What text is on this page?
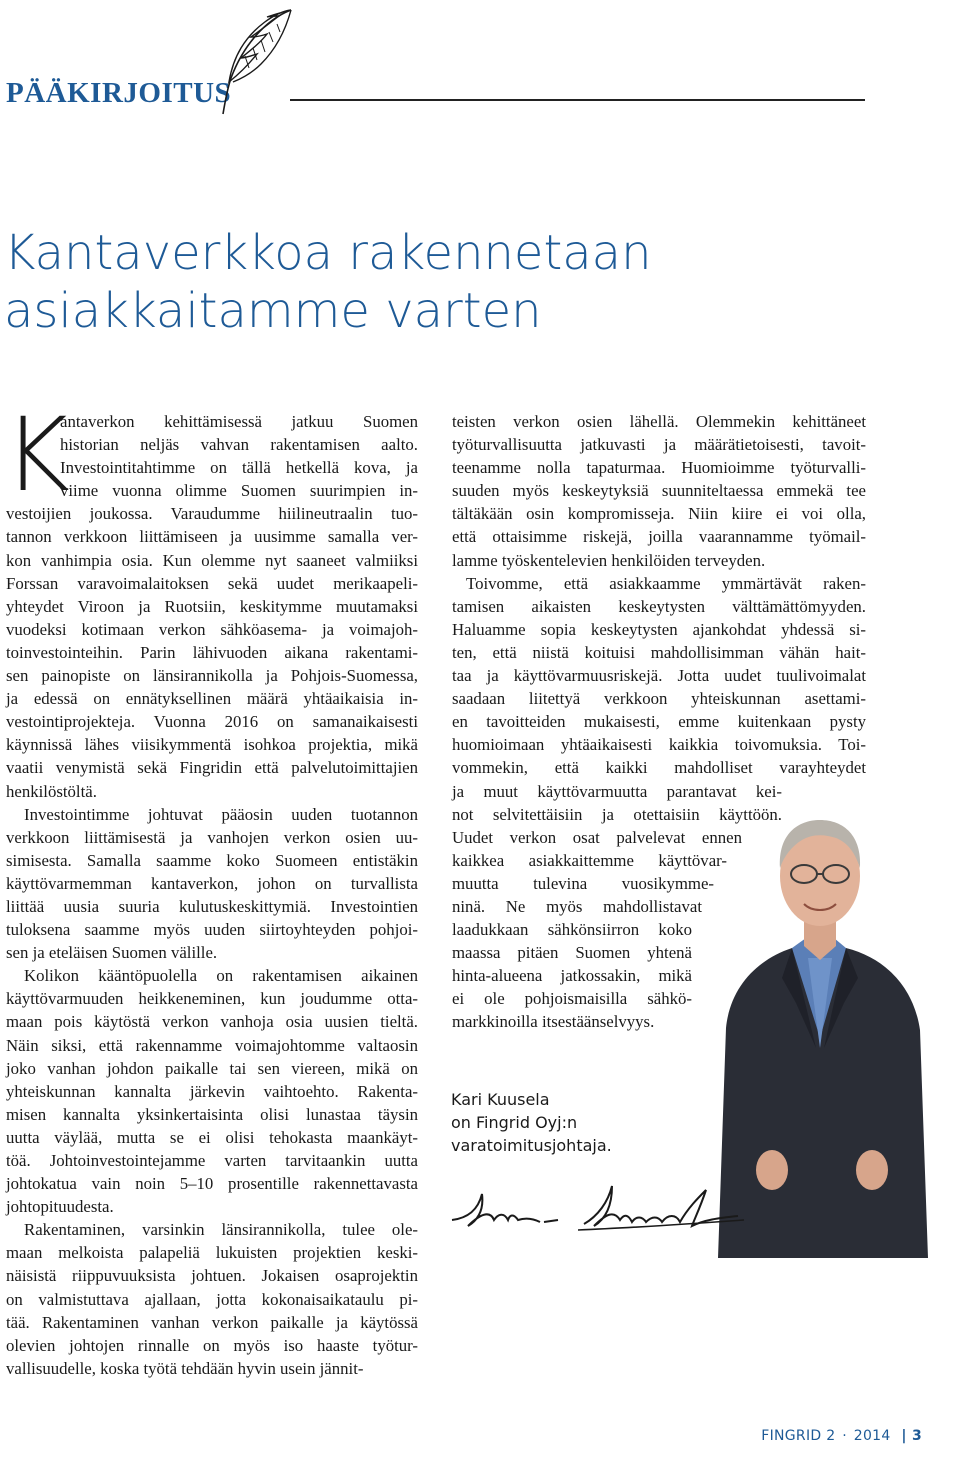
PÄÄKIRJOITUS
Kantaverkkoa rakennetaan
asiakkaitamme varten
K
antaverkon kehittämisessä jatkuu Suomen
historian neljäs vahvan rakentamisen aalto.
Investointitahtimme on tällä hetkellä kova, ja
viime vuonna olimme Suomen suurimpien in-
vestoijien joukossa. Varaudumme hiilineutraalin tuo-
tannon verkkoon liittämiseen ja uusimme samalla ver-
kon vanhimpia osia. Kun olemme nyt saaneet valmiiksi
Forssan varavoimalaitoksen sekä uudet merikaapeli-
yhteydet Viroon ja Ruotsiin, keskitymme muutamaksi
vuodeksi kotimaan verkon sähköasema- ja voimajoh-
toinvestointeihin. Parin lähivuoden aikana rakentami-
sen painopiste on länsirannikolla ja Pohjois-Suomessa,
ja edessä on ennätyksellinen määrä yhtäaikaisia in-
vestointiprojekteja. Vuonna 2016 on samanaikaisesti
käynnissä lähes viisikymmentä isohkoa projektia, mikä
vaatii venymistä sekä Fingridin että palvelutoimittajien
henkilöstöltä.
Investointimme johtuvat pääosin uuden tuotannon
verkkoon liittämisestä ja vanhojen verkon osien uu-
simisesta. Samalla saamme koko Suomeen entistäkin
käyttövarmemman kantaverkon, johon on turvallista
liittää uusia suuria kulutuskeskittymiä. Investointien
tuloksena saamme myös uuden siirtoyhteyden pohjoi-
sen ja eteläisen Suomen välille.
Kolikon kääntöpuolella on rakentamisen aikainen
käyttövarmuuden heikkeneminen, kun joudumme otta-
maan pois käytöstä verkon vanhoja osia uusien tieltä.
Näin siksi, että rakennamme voimajohtomme valtaosin
joko vanhan johdon paikalle tai sen viereen, mikä on
yhteiskunnan kannalta järkevin vaihtoehto. Rakenta-
misen kannalta yksinkertaisinta olisi lunastaa täysin
uutta väylää, mutta se ei olisi tehokasta maankäyt-
töä. Johtoinvestointejamme varten tarvitaankin uutta
johtokatua vain noin 5–10 prosentille rakennettavasta
johtopituudesta.
Rakentaminen, varsinkin länsirannikolla, tulee ole-
maan melkoista palapeliä lukuisten projektien keski-
näisistä riippuvuuksista johtuen. Jokaisen osaprojektin
on valmistuttava ajallaan, jotta kokonaisaikataulu pi-
tää. Rakentaminen vanhan verkon paikalle ja käytössä
olevien johtojen rinnalle on myös iso haaste työtur-
vallisuudelle, koska työtä tehdään hyvin usein jännit-
teisten verkon osien lähellä. Olemmekin kehittäneet
työturvallisuutta jatkuvasti ja määrätietoisesti, tavoit-
teenamme nolla tapaturmaa. Huomioimme työturvalli-
suuden myös keskeytyksiä suunniteltaessa emmekä tee
tältäkään osin kompromisseja. Niin kiire ei voi olla,
että ottaisimme riskejä, joilla vaarannamme työmail-
lamme työskentelevien henkilöiden terveyden.
Toivomme, että asiakkaamme ymmärtävät raken-
tamisen aikaisten keskeytysten välttämättömyyden.
Haluamme sopia keskeytysten ajankohdat yhdessä si-
ten, että niistä koituisi mahdollisimman vähän hait-
taa ja käyttövarmuusriskejä. Jotta uudet tuulivoimalat
saadaan liitettyä verkkoon yhteiskunnan asettami-
en tavoitteiden mukaisesti, emme kuitenkaan pysty
huomioimaan yhtäaikaisesti kaikkia toivomuksia. Toi-
vommekin, että kaikki mahdolliset varayhteydet
ja muut käyttövarmuutta parantavat kei-
not selvitettäisiin ja otettaisiin käyttöön.
Uudet verkon osat palvelevat ennen
kaikkea asiakkaittemme käyttövar-
muutta tulevina vuosikymme-
ninä. Ne myös mahdollistavat
laadukkaan sähkönsiirron koko
maassa pitäen Suomen yhtenä
hinta-alueena jatkossakin, mikä
ei ole pohjoismaisilla sähkö-
markkinoilla itsestäänselvyys.
Kari Kuusela
on Fingrid Oyj:n
varatoimitusjohtaja.
FINGRID 2 · 2014 | 3
